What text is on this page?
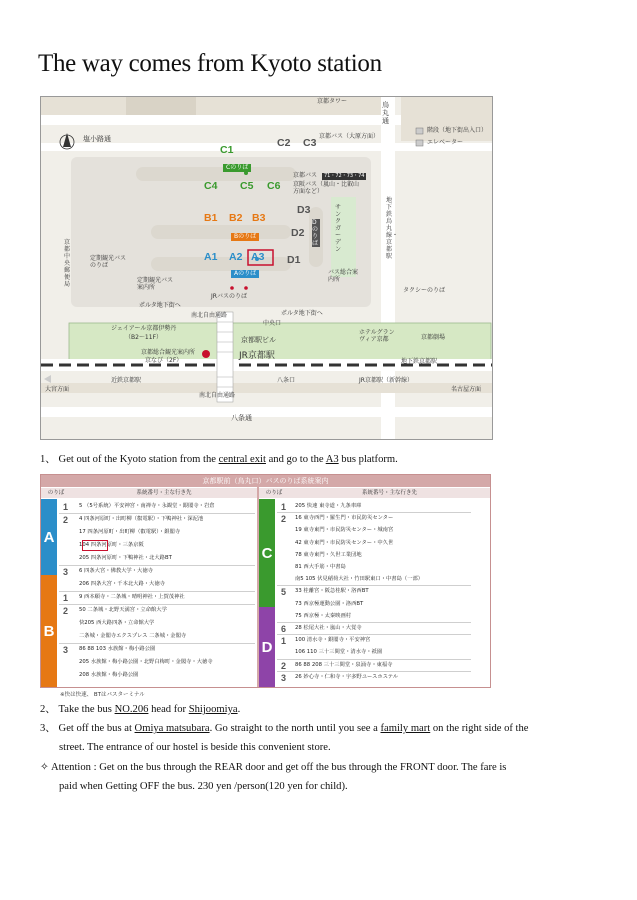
The way comes from Kyoto station
京都タワー	烏丸通
塩小路通
階段（地下街出入口）
エレベーター
C1
C2 C3
京都バス（大原方面）
Cのりば
C4 C5 C6
京都バス	71・72・73・74
京阪バス（嵐山・比叡山方面など）
B1 B2 B3
Bのりば
D3
D2
Dのりば
サンクガーデン
地下鉄烏丸線・京都駅
京都中央郵便局
定期観光バスのりば
定期観光バス案内所
A1 A2 A3
Aのりば
D1
バス総合案内所
タクシーのりば
ポルタ地下街へ
JRバスのりば
ポルタ地下街へ
南北自由通路
中央口
ジェイアール京都伊勢丹
（B2〜11F）	京都駅ビル
ホテルグランヴィア京都	京都劇場
京都総合観光案内所
京なび（2F）	JR京都駅
地下鉄京都駅
大宮方面
近鉄京都駅	八条口	JR京都駅（新幹線）
名古屋方面
南北自由通路
八条通
1、 Get out of the Kyoto station from the central exit and go to the A3 bus platform.
京都駅前（烏丸口）バスのりば系統案内
のりば	系統番号・主な行き先	のりば	系統番号・主な行き先
A
B
C
D
1 5 （5号系統）平安神宮・南禅寺・永観堂・銀閣寺・岩倉
2 4 四条河原町・出町柳（叡電駅）・下鴨神社・深泥池
17 四条河原町・出町柳（叡電駅）・銀閣寺
104 四条河原町・三条京阪
205 四条河原町・下鴨神社・北大路BT
3 6 四条大宮・佛教大学・大徳寺
206 四条大宮・千本北大路・大徳寺
1 9 西本願寺・二条城・晴明神社・上賀茂神社
2 50 二条城・北野天満宮・立命館大学
快205 西大路四条・立命館大学
二条城・金閣寺エクスプレス 二条城・金閣寺
3 86 88 103 水族館・梅小路公園
205 水族館・梅小路公園・北野白梅町・金閣寺・大徳寺
208 水族館・梅小路公園
1 205 快速 東寺道・九条車庫
2 16 東寺西門・羅生門・市民防災センター
19 東寺東門・市民防災センター・城南宮
42 東寺東門・市民防災センター・中久世
78 東寺東門・久世工業団地
81 西大手筋・中書島
南5 105 伏見稲荷大社・竹田駅東口・中書島（一部）
5 33 桂離宮・阪急桂駅・洛西BT
73 西京極運動公園・洛西BT
75 西京極・太秦映画村
6 28 松尾大社・嵐山・大覚寺
1 100 清水寺・銀閣寺・平安神宮
106 110 三十三間堂・清水寺・祇園
2 86 88 208 三十三間堂・泉涌寺・東福寺
3 26 妙心寺・仁和寺・宇多野ユースホステル
※快は快速、 BTはバスターミナル
2、 Take the bus NO.206 head for Shijoomiya.
3、 Get off the bus at Omiya matsubara. Go straight to the north until you see a family mart on the right side of the
street. The entrance of our hostel is beside this convenient store.
✧ Attention : Get on the bus through the REAR door and get off the bus through the FRONT door. The fare is
paid when Getting OFF the bus. 230 yen /person(120 yen for child).
